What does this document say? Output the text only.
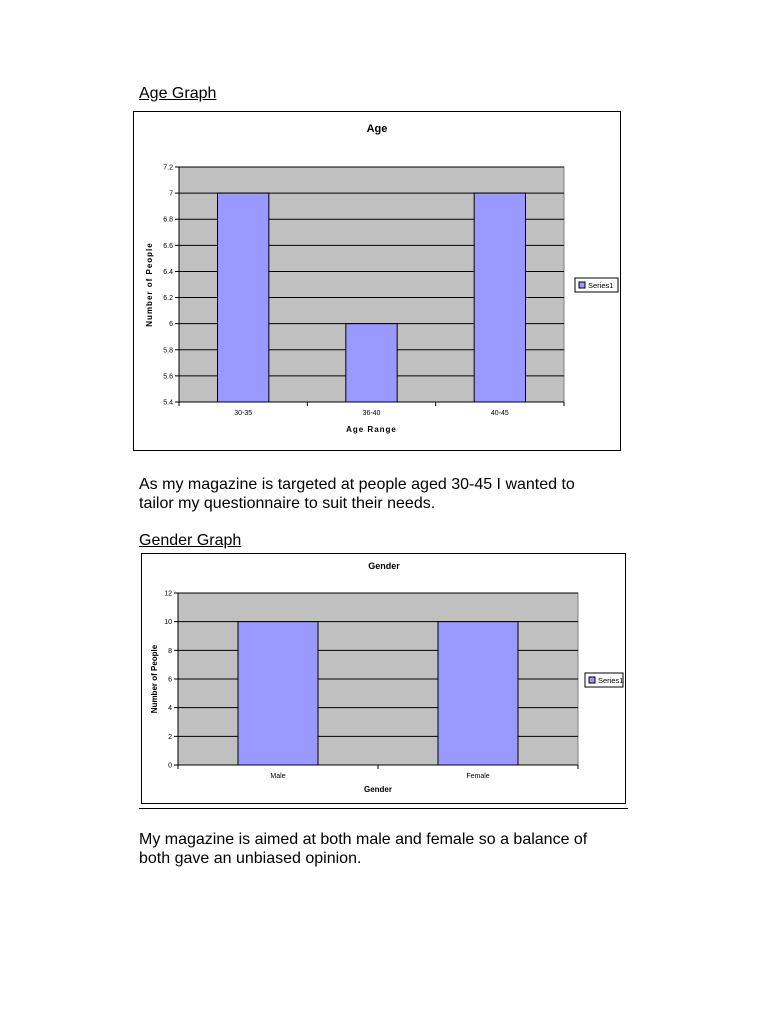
Age Graph
Age
5.4
5.6
5.8
6
6.2
6.4
6.6
6.8
7
7.2
30-35	36-40	40-45
Age Range
Number of People	Series1

As my magazine is targeted at people aged 30-45 I wanted to
tailor my questionnaire to suit their needs.

Gender Graph
Gender
0
2
4
6
8
10
12
Male	Female
Gender
Number of People	Series1

My magazine is aimed at both male and female so a balance of
both gave an unbiased opinion.
